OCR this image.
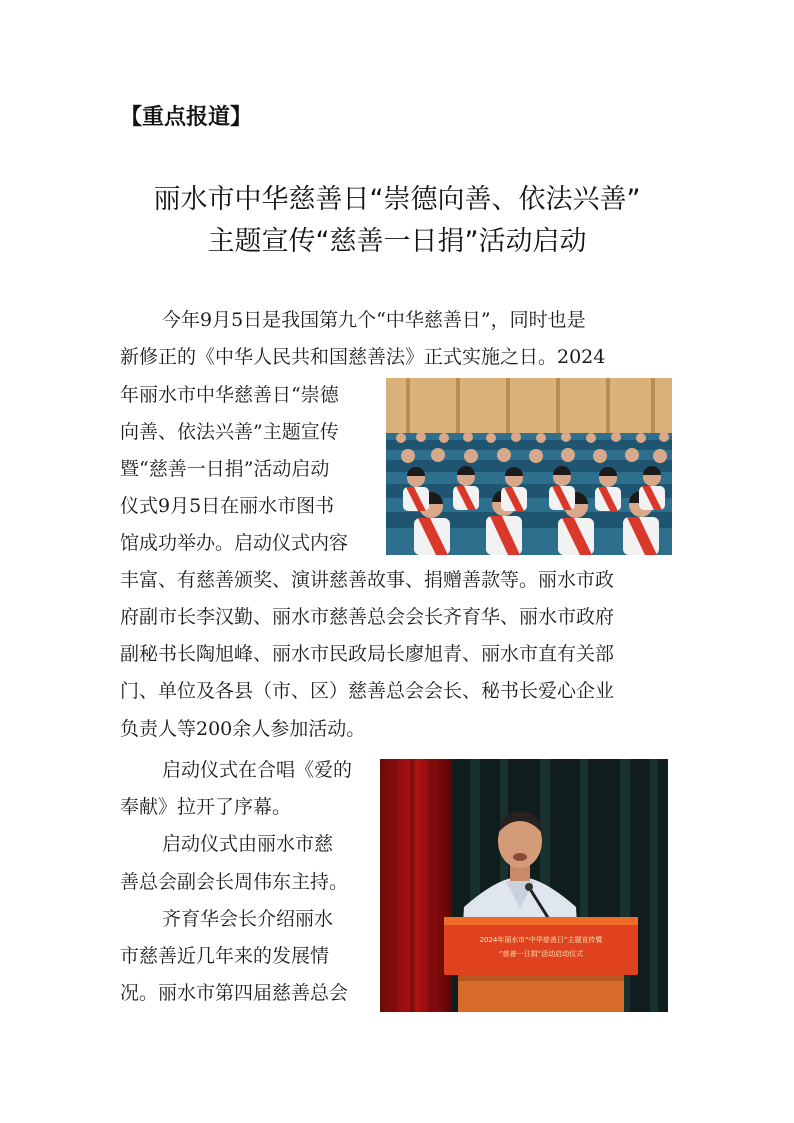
【重点报道】
丽水市中华慈善日“崇德向善、依法兴善”
主题宣传“慈善一日捐”活动启动
今年9月5日是我国第九个“中华慈善日”，同时也是
新修正的《中华人民共和国慈善法》正式实施之日。2024
年丽水市中华慈善日“崇德
向善、依法兴善”主题宣传
暨“慈善一日捐”活动启动
仪式9月5日在丽水市图书
馆成功举办。启动仪式内容
丰富、有慈善颁奖、演讲慈善故事、捐赠善款等。丽水市政
府副市长李汉勤、丽水市慈善总会会长齐育华、丽水市政府
副秘书长陶旭峰、丽水市民政局长廖旭青、丽水市直有关部
门、单位及各县（市、区）慈善总会会长、秘书长爱心企业
负责人等200余人参加活动。
启动仪式在合唱《爱的
奉献》拉开了序幕。
启动仪式由丽水市慈
善总会副会长周伟东主持。
齐育华会长介绍丽水
市慈善近几年来的发展情
况。丽水市第四届慈善总会
2024年丽水市“中华慈善日”主题宣传暨
“慈善一日捐”活动启动仪式
